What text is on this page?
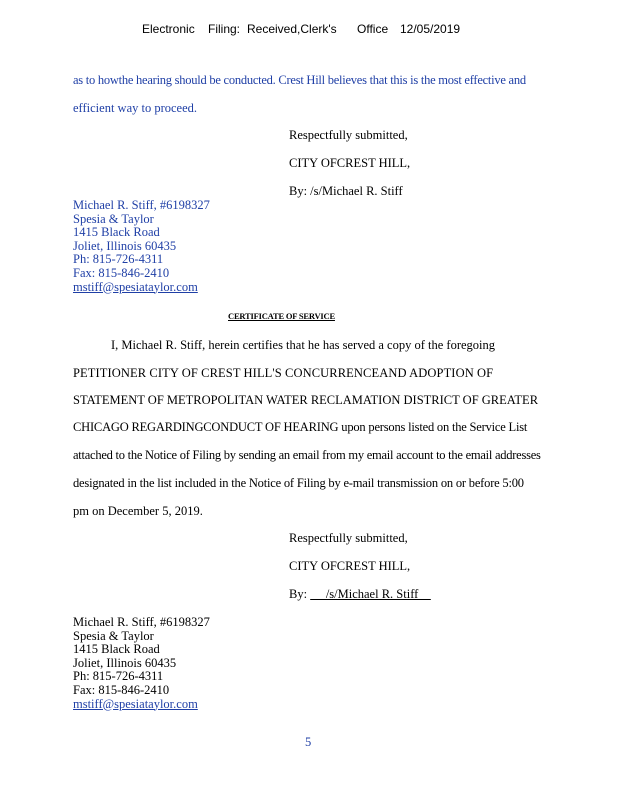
Electronic Filing: Received,Clerk's Office 12/05/2019
as to howthe hearing should be conducted. Crest Hill believes that this is the most effective and
efficient way to proceed.
Respectfully submitted,
CITY OFCREST HILL,
By: /s/Michael R. Stiff
Michael R. Stiff, #6198327
Spesia & Taylor
1415 Black Road
Joliet, Illinois 60435
Ph: 815-726-4311
Fax: 815-846-2410
mstiff@spesiataylor.com
CERTIFICATE OF SERVICE
I, Michael R. Stiff, herein certifies that he has served a copy of the foregoing
PETITIONER CITY OF CREST HILL'S CONCURRENCEAND ADOPTION OF
STATEMENT OF METROPOLITAN WATER RECLAMATION DISTRICT OF GREATER
CHICAGO REGARDINGCONDUCT OF HEARING upon persons listed on the Service List
attached to the Notice of Filing by sending an email from my email account to the email addresses
designated in the list included in the Notice of Filing by e-mail transmission on or before 5:00
pm on December 5, 2019.
Respectfully submitted,
CITY OFCREST HILL,
By:      /s/Michael R. Stiff
Michael R. Stiff, #6198327
Spesia & Taylor
1415 Black Road
Joliet, Illinois 60435
Ph: 815-726-4311
Fax: 815-846-2410
mstiff@spesiataylor.com
5
